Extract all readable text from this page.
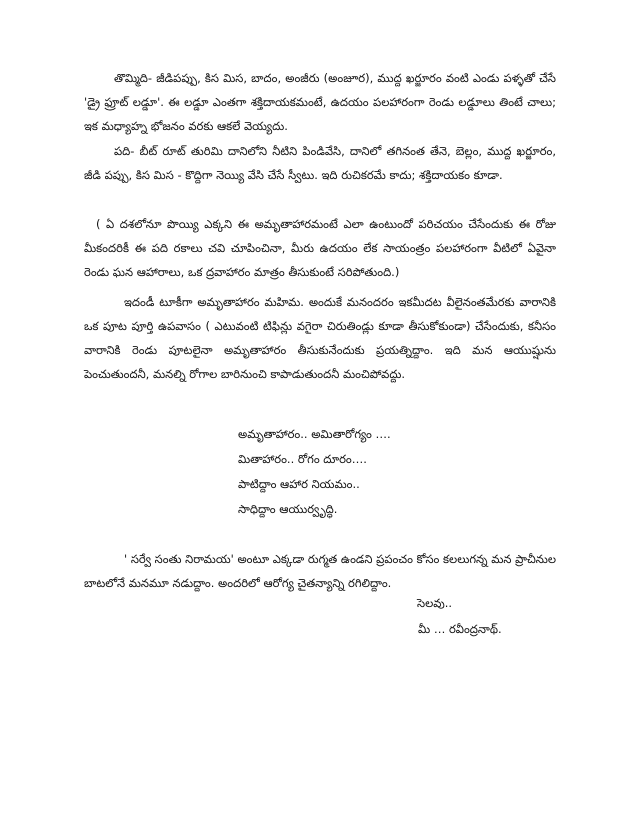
తొమ్మిది- జీడిపప్పు, కిస మిస, బాదం, అంజీరు (అంజూర), ముద్ద ఖర్జూరం వంటి ఎండు పళ్ళతో చేసే 'డ్రై ఫ్రూట్ లడ్డూ'. ఈ లడ్డూ ఎంతగా శక్తిదాయకమంటే, ఉదయం పలహారంగా రెండు లడ్డూలు తింటే చాలు; ఇక మధ్యాహ్న భోజనం వరకు ఆకలే వెయ్యదు.

పది- బీట్ రూట్ తురిమి దానిలోని నీటిని పిండివేసి, దానిలో తగినంత తేనె, బెల్లం, ముద్ద ఖర్జూరం, జీడి పప్పు, కిస మిస - కొద్దిగా నెయ్యి వేసి చేసే స్వీటు. ఇది రుచికరమే కాదు; శక్తిదాయకం కూడా.

( ఏ దశలోనూ పొయ్యి ఎక్కని ఈ అమృతాహారమంటే ఎలా ఉంటుందో పరిచయం చేసేందుకు ఈ రోజు మీకందరికీ ఈ పది రకాలు చవి చూపించినా, మీరు ఉదయం లేక సాయంత్రం పలహారంగా వీటిలో ఏవైనా రెండు ఘన ఆహారాలు, ఒక ద్రవాహారం మాత్రం తీసుకుంటే సరిపోతుంది.)

ఇదండీ టూకీగా అమృతాహారం మహిమ. అందుకే మనందరం ఇకమీదట వీలైనంతమేరకు వారానికి ఒక పూట పూర్తి ఉపవాసం ( ఎటువంటి టిఫిన్లు వగైరా చిరుతిండ్లు కూడా తీసుకోకుండా) చేసేందుకు, కనీసం వారానికి రెండు పూటలైనా అమృతాహారం తీసుకునేందుకు ప్రయత్నిద్దాం. ఇది మన ఆయుష్షును పెంచుతుందనీ, మనల్ని రోగాల బారినుంచి కాపాడుతుందనీ మంచిపోవద్దు.

అమృతాహారం.. అమితారోగ్యం ….
మితాహారం.. రోగం దూరం….
పాటిద్దాం ఆహార నియమం..
సాధిద్దాం ఆయుర్వృద్ధి.

' సర్వే సంతు నిరామయ' అంటూ ఎక్కడా రుగ్మత ఉండని ప్రపంచం కోసం కలలుగన్న మన ప్రాచీనుల బాటలోనే మనమూ నడుద్దాం. అందరిలో ఆరోగ్య చైతన్యాన్ని రగిలిద్దాం.

సెలవు..
మీ … రవీంద్రనాథ్.
